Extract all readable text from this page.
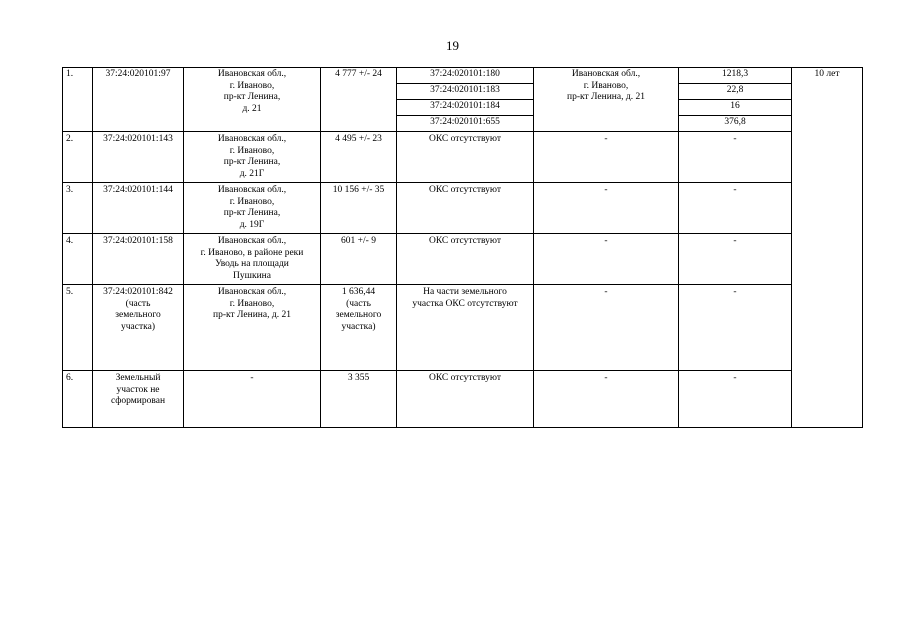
19
1.	37:24:020101:97	Ивановская обл.,
г. Иваново,
пр-кт Ленина,
д. 21	4 777 +/- 24	37:24:020101:180	Ивановская обл.,
г. Иваново,
пр-кт Ленина, д. 21	1218,3	10 лет
				37:24:020101:183		22,8	
				37:24:020101:184		16	
				37:24:020101:655		376,8	
2.	37:24:020101:143	Ивановская обл.,
г. Иваново,
пр-кт Ленина,
д. 21Г	4 495 +/- 23	ОКС отсутствуют	-	-	
3.	37:24:020101:144	Ивановская обл.,
г. Иваново,
пр-кт Ленина,
д. 19Г	10 156 +/- 35	ОКС отсутствуют	-	-	
4.	37:24:020101:158	Ивановская обл.,
г. Иваново, в районе реки
Уводь на площади
Пушкина	601 +/- 9	ОКС отсутствуют	-	-	
5.	37:24:020101:842
(часть
земельного
участка)	Ивановская обл.,
г. Иваново,
пр-кт Ленина, д. 21	1 636,44
(часть
земельного
участка)	На части земельного
участка ОКС отсутствуют	-	-	
6.	Земельный
участок не
сформирован	-	3 355	ОКС отсутствуют	-	-	
